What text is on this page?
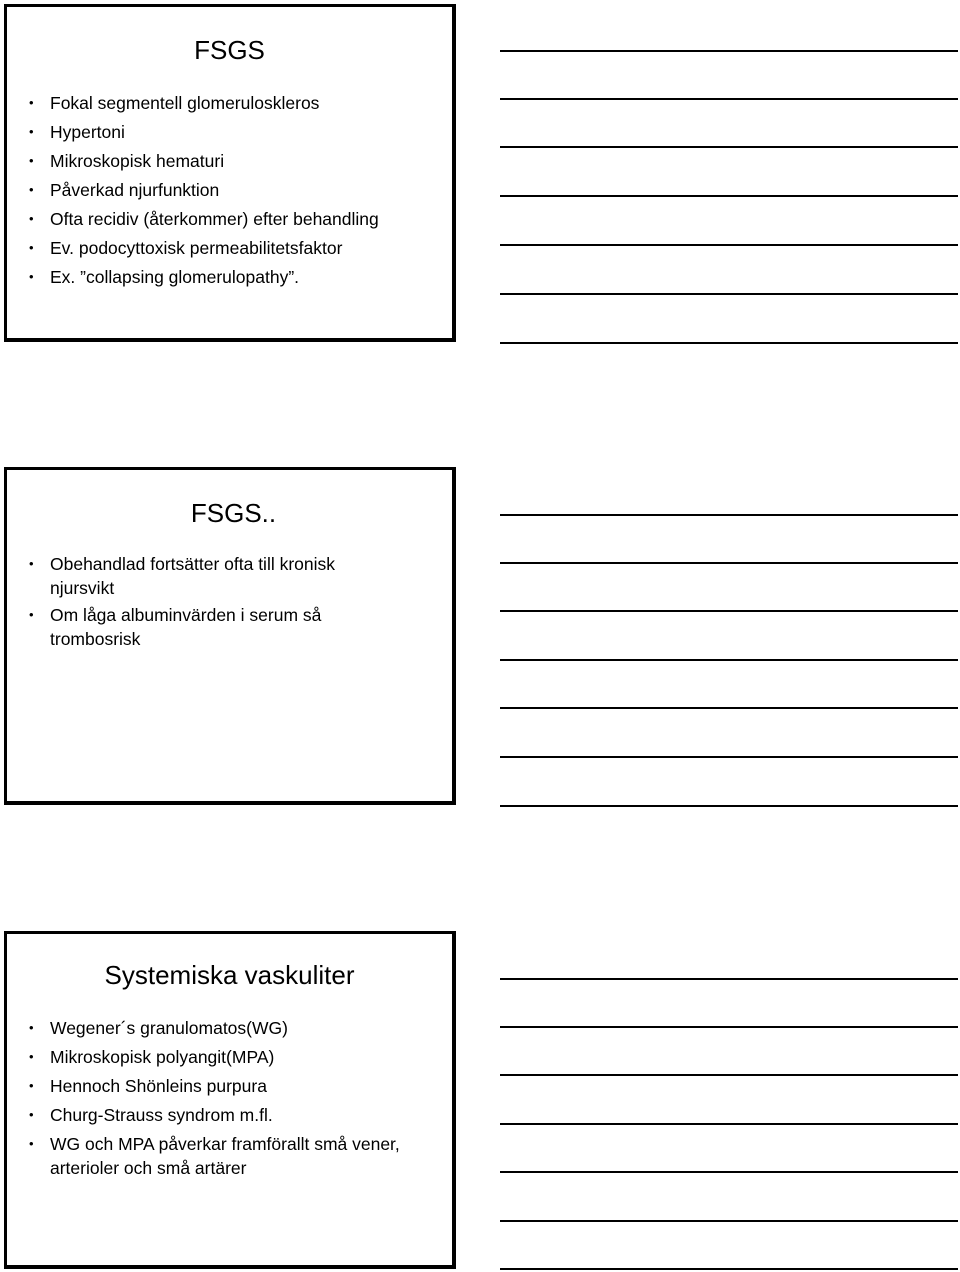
FSGS
• Fokal segmentell glomeruloskleros
• Hypertoni
• Mikroskopisk hematuri
• Påverkad njurfunktion
• Ofta recidiv (återkommer) efter behandling
• Ev. podocyttoxisk permeabilitetsfaktor
• Ex. ”collapsing glomerulopathy”.
FSGS..
• Obehandlad fortsätter ofta till kronisk njursvikt
• Om låga albuminvärden i serum så trombosrisk
Systemiska vaskuliter
• Wegener´s granulomatos(WG)
• Mikroskopisk polyangit(MPA)
• Hennoch Shönleins purpura
• Churg-Strauss syndrom m.fl.
• WG och MPA påverkar framförallt små vener, arterioler och små artärer
